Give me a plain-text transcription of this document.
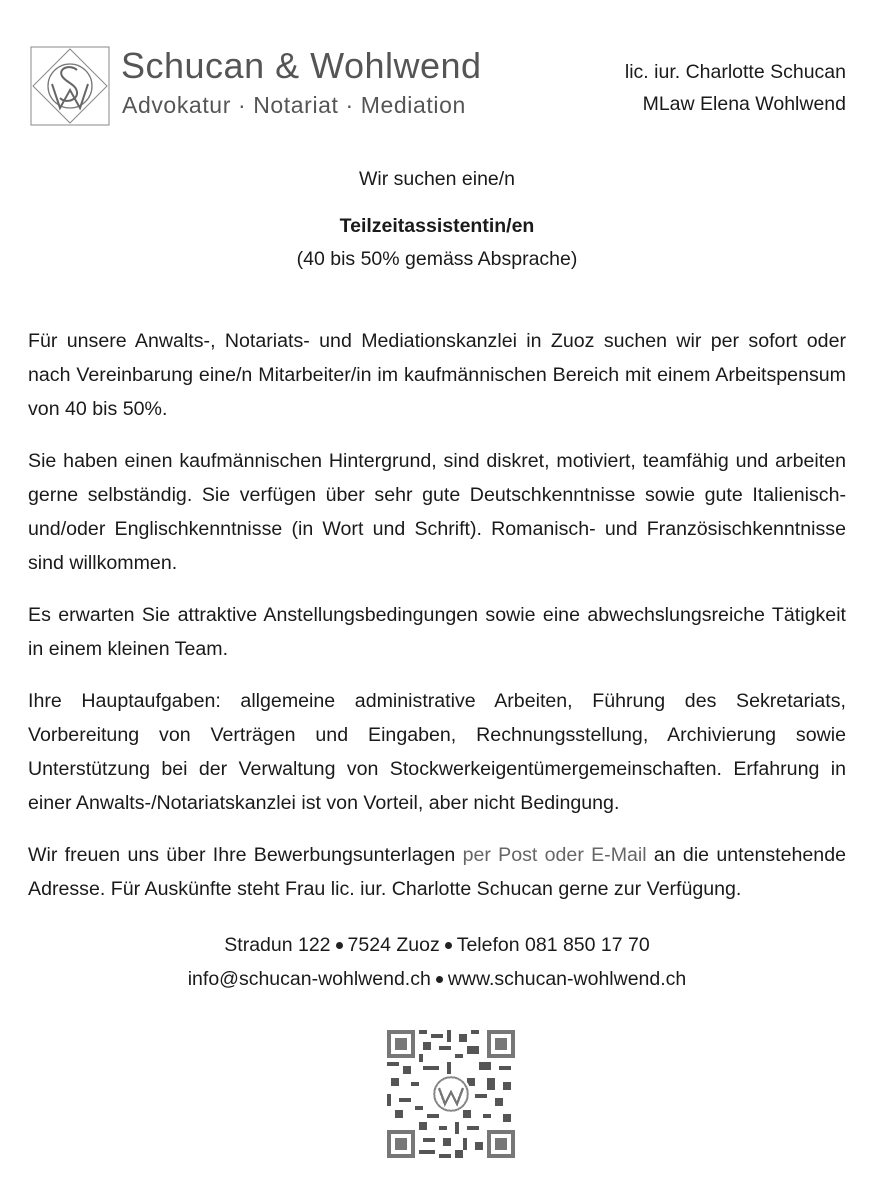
Schucan & Wohlwend
Advokatur · Notariat · Mediation
lic. iur. Charlotte Schucan
MLaw Elena Wohlwend
Wir suchen eine/n
Teilzeitassistentin/en
(40 bis 50% gemäss Absprache)

Für unsere Anwalts-, Notariats- und Mediationskanzlei in Zuoz suchen wir per sofort oder nach Vereinbarung eine/n Mitarbeiter/in im kaufmännischen Bereich mit einem Arbeitspensum von 40 bis 50%.

Sie haben einen kaufmännischen Hintergrund, sind diskret, motiviert, teamfähig und arbeiten gerne selbständig. Sie verfügen über sehr gute Deutschkenntnisse sowie gute Italienisch- und/oder Englischkenntnisse (in Wort und Schrift). Romanisch- und Französischkenntnisse sind willkommen.

Es erwarten Sie attraktive Anstellungsbedingungen sowie eine abwechslungsreiche Tätigkeit in einem kleinen Team.

Ihre Hauptaufgaben: allgemeine administrative Arbeiten, Führung des Sekretariats, Vorbereitung von Verträgen und Eingaben, Rechnungsstellung, Archivierung sowie Unterstützung bei der Verwaltung von Stockwerkeigentümergemeinschaften. Erfahrung in einer Anwalts-/Notariatskanzlei ist von Vorteil, aber nicht Bedingung.

Wir freuen uns über Ihre Bewerbungsunterlagen per Post oder E-Mail an die untenstehende Adresse. Für Auskünfte steht Frau lic. iur. Charlotte Schucan gerne zur Verfügung.

Stradun 122 7524 Zuoz Telefon 081 850 17 70
info@schucan-wohlwend.ch www.schucan-wohlwend.ch
